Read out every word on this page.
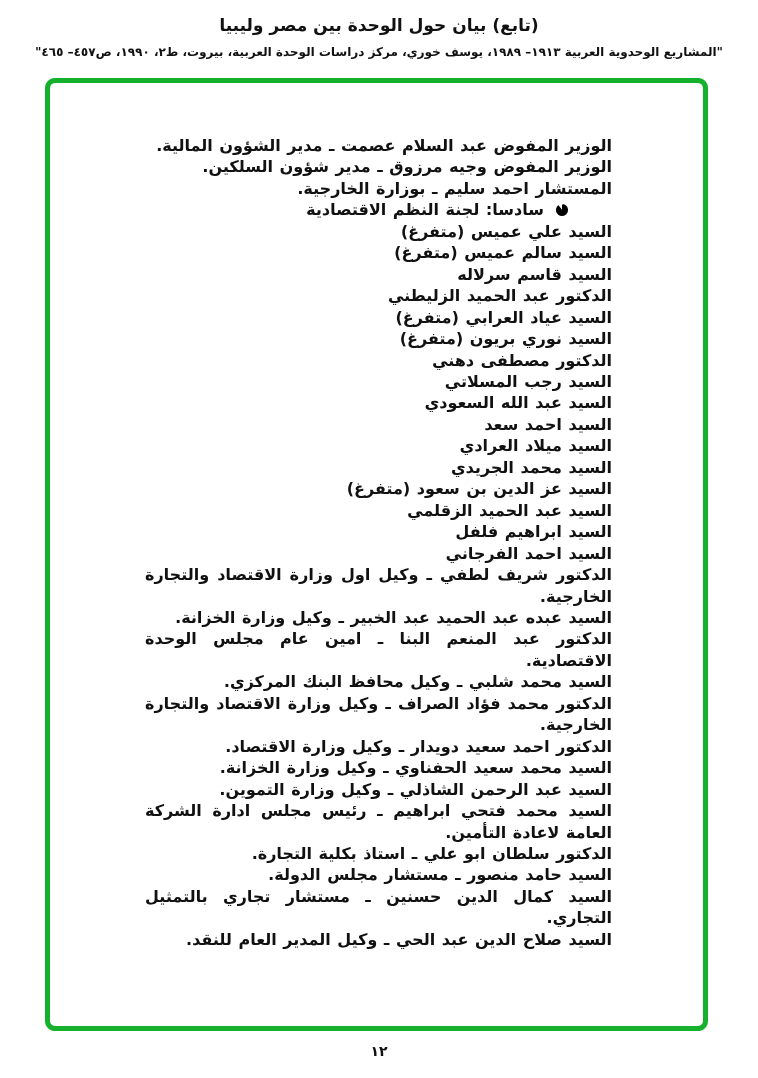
(تابع) بيان حول الوحدة بين مصر وليبيا
"المشاريع الوحدوية العربية ١٩١٣– ١٩٨٩، يوسف خوري، مركز دراسات الوحدة العربية، بيروت، ط٢، ١٩٩٠، ص٤٥٧– ٤٦٥"

الوزير المفوض عبد السلام عصمت ـ مدير الشؤون المالية.

الوزير المفوض وجيه مرزوق ـ مدير شؤون السلكين.

المستشار احمد سليم ـ بوزارة الخارجية.

سادسا: لجنة النظم الاقتصادية

السيد علي عميس (متفرغ)

السيد سالم عميس (متفرغ)

السيد قاسم سرلاله

الدكتور عبد الحميد الزليطني

السيد عياد العرابي (متفرغ)

السيد نوري بريون (متفرغ)

الدكتور مصطفى دهني

السيد رجب المسلاتي

السيد عبد الله السعودي

السيد احمد سعد

السيد ميلاد العرادي

السيد محمد الجريدي

السيد عز الدين بن سعود (متفرغ)

السيد عبد الحميد الزقلمي

السيد ابراهيم فلفل

السيد احمد الفرجاني

الدكتور شريف لطفي ـ وكيل اول وزارة الاقتصاد والتجارة الخارجية.

السيد عبده عبد الحميد عبد الخبير ـ وكيل وزارة الخزانة.

الدكتور عبد المنعم البنا ـ امين عام مجلس الوحدة الاقتصادية.

السيد محمد شلبي ـ وكيل محافظ البنك المركزي.

الدكتور محمد فؤاد الصراف ـ وكيل وزارة الاقتصاد والتجارة الخارجية.

الدكتور احمد سعيد دويدار ـ وكيل وزارة الاقتصاد.

السيد محمد سعيد الحفناوي ـ وكيل وزارة الخزانة.

السيد عبد الرحمن الشاذلي ـ وكيل وزارة التموين.

السيد محمد فتحي ابراهيم ـ رئيس مجلس ادارة الشركة العامة لاعادة التأمين.

الدكتور سلطان ابو علي ـ استاذ بكلية التجارة.

السيد حامد منصور ـ مستشار مجلس الدولة.

السيد كمال الدين حسنين ـ مستشار تجاري بالتمثيل التجاري.

السيد صلاح الدين عبد الحي ـ وكيل المدير العام للنقد.

١٢
